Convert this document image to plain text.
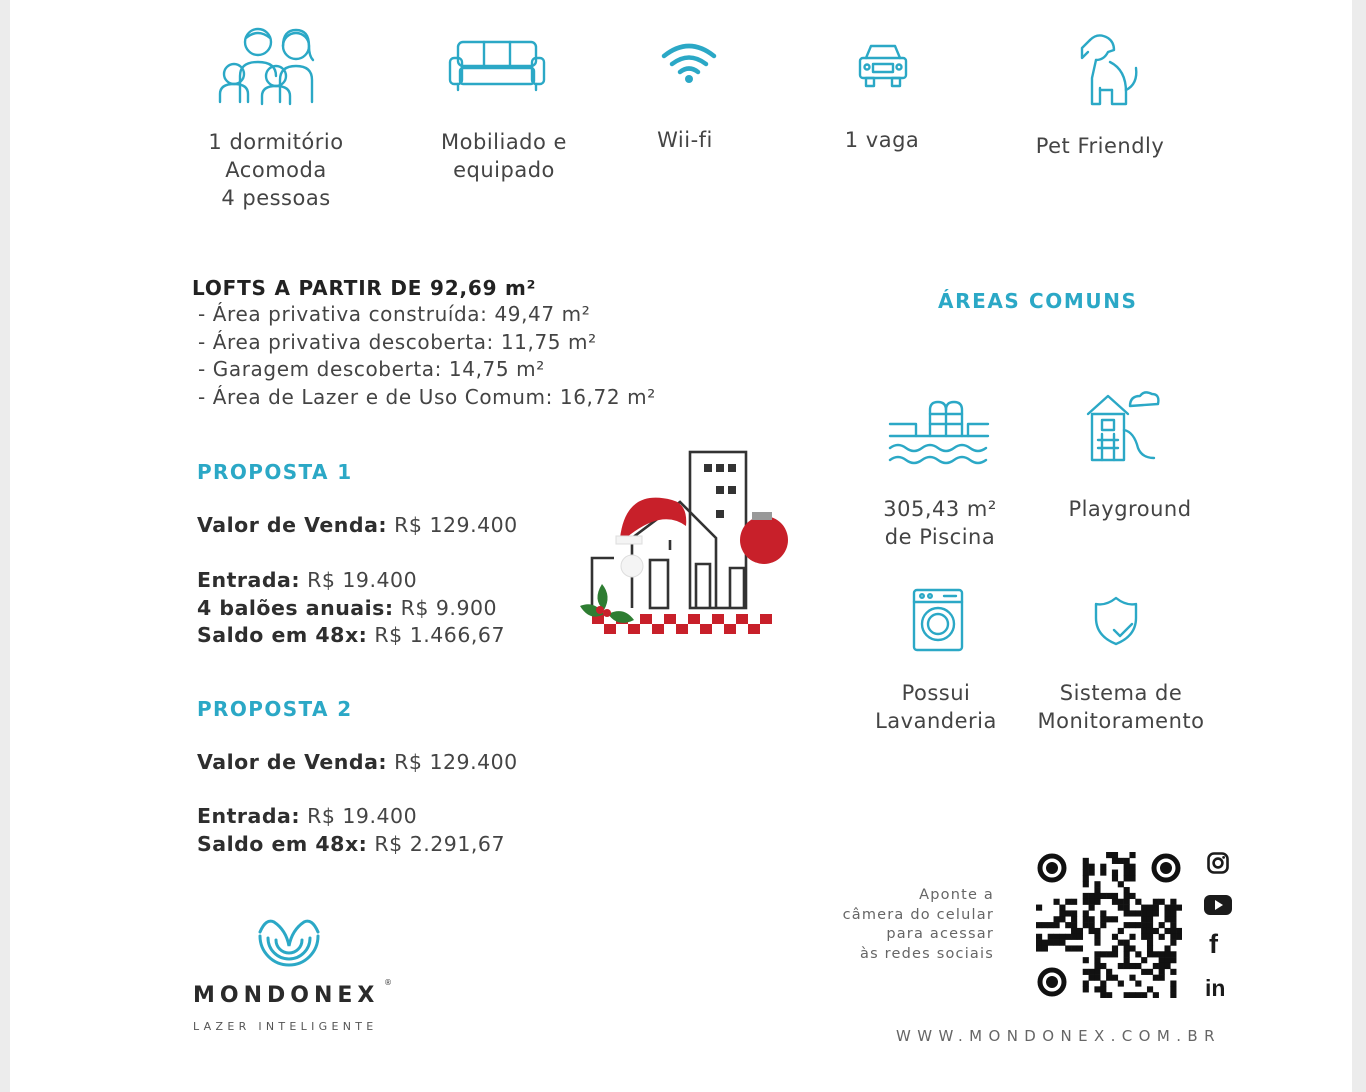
1 dormitório
Acomoda
4 pessoas
Mobiliado e
equipado
Wii-fi	1 vaga	Pet Friendly
LOFTS A PARTIR DE 92,69 m²
- Área privativa construída: 49,47 m²
- Área privativa descoberta: 11,75 m²
- Garagem descoberta: 14,75 m²
- Área de Lazer e de Uso Comum: 16,72 m²
PROPOSTA 1
Valor de Venda: R$ 129.400
Entrada: R$ 19.400
4 balões anuais: R$ 9.900
Saldo em 48x: R$ 1.466,67
PROPOSTA 2
Valor de Venda: R$ 129.400
Entrada: R$ 19.400
Saldo em 48x: R$ 2.291,67
ÁREAS COMUNS
305,43 m²
de Piscina
Playground
Possui
Lavanderia
Sistema de
Monitoramento
Aponte a
câmera do celular
para acessar
às redes sociais	f
in
WWW.MONDONEX.COM.BR
MONDONEX
®
LAZER INTELIGENTE
